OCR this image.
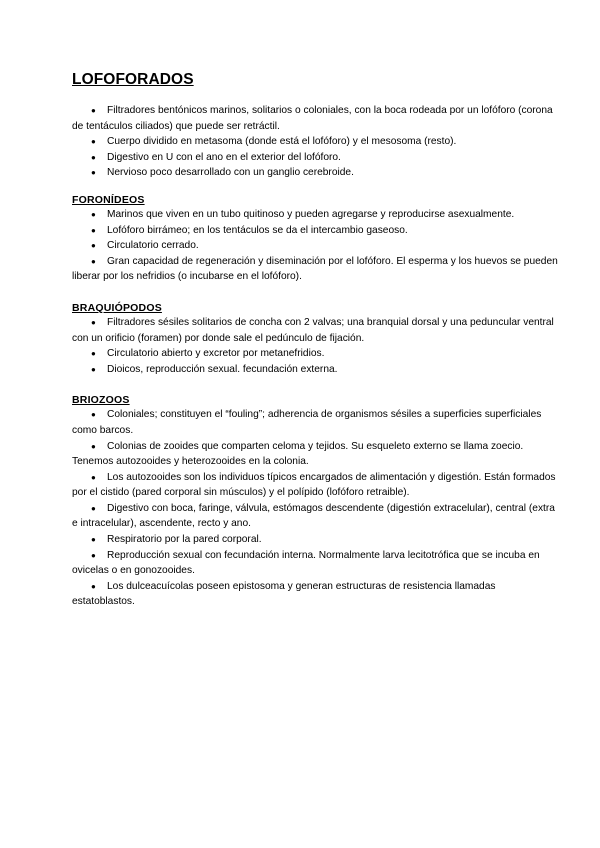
LOFOFORADOS
● Filtradores bentónicos marinos, solitarios o coloniales, con la boca rodeada por un lofóforo (corona de tentáculos ciliados) que puede ser retráctil.
● Cuerpo dividido en metasoma (donde está el lofóforo) y el mesosoma (resto).
● Digestivo en U con el ano en el exterior del lofóforo.
● Nervioso poco desarrollado con un ganglio cerebroide.
FORONÍDEOS
● Marinos que viven en un tubo quitinoso y pueden agregarse y reproducirse asexualmente.
● Lofóforo birrámeo; en los tentáculos se da el intercambio gaseoso.
● Circulatorio cerrado.
● Gran capacidad de regeneración y diseminación por el lofóforo. El esperma y los huevos se pueden liberar por los nefridios (o incubarse en el lofóforo).
BRAQUIÓPODOS
● Filtradores sésiles solitarios de concha con 2 valvas; una branquial dorsal y una peduncular ventral con un orificio (foramen) por donde sale el pedúnculo de fijación.
● Circulatorio abierto y excretor por metanefridios.
● Dioicos, reproducción sexual. fecundación externa.
BRIOZOOS
● Coloniales; constituyen el “fouling”; adherencia de organismos sésiles a superficies superficiales como barcos.
● Colonias de zooides que comparten celoma y tejidos. Su esqueleto externo se llama zoecio. Tenemos autozooides y heterozooides en la colonia.
● Los autozooides son los individuos típicos encargados de alimentación y digestión. Están formados por el cistido (pared corporal sin músculos) y el polípido (lofóforo retraible).
● Digestivo con boca, faringe, válvula, estómagos descendente (digestión extracelular), central (extra e intracelular), ascendente, recto y ano.
● Respiratorio por la pared corporal.
● Reproducción sexual con fecundación interna. Normalmente larva lecitotrófica que se incuba en ovicelas o en gonozooides.
● Los dulceacuícolas poseen epistosoma y generan estructuras de resistencia llamadas estatoblastos.
